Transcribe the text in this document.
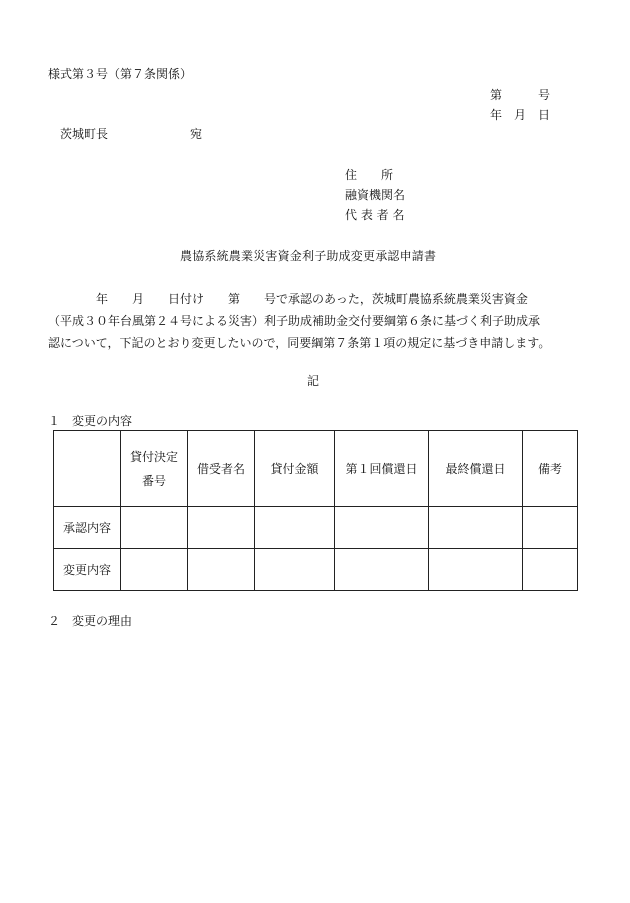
様式第３号（第７条関係）
第　　　号
年　月　日
茨城町長	宛
住　　所
融資機関名
代 表 者 名
農協系統農業災害資金利子助成変更承認申請書
　　　　年　　月　　日付け　　第　　号で承認のあった，茨城町農協系統農業災害資金
（平成３０年台風第２４号による災害）利子助成補助金交付要綱第６条に基づく利子助成承
認について，下記のとおり変更したいので，同要綱第７条第１項の規定に基づき申請します。
記
１　変更の内容
	貸付決定
番号	借受者名	貸付金額	第１回償還日	最終償還日	備考
承認内容						
変更内容						
２　変更の理由
